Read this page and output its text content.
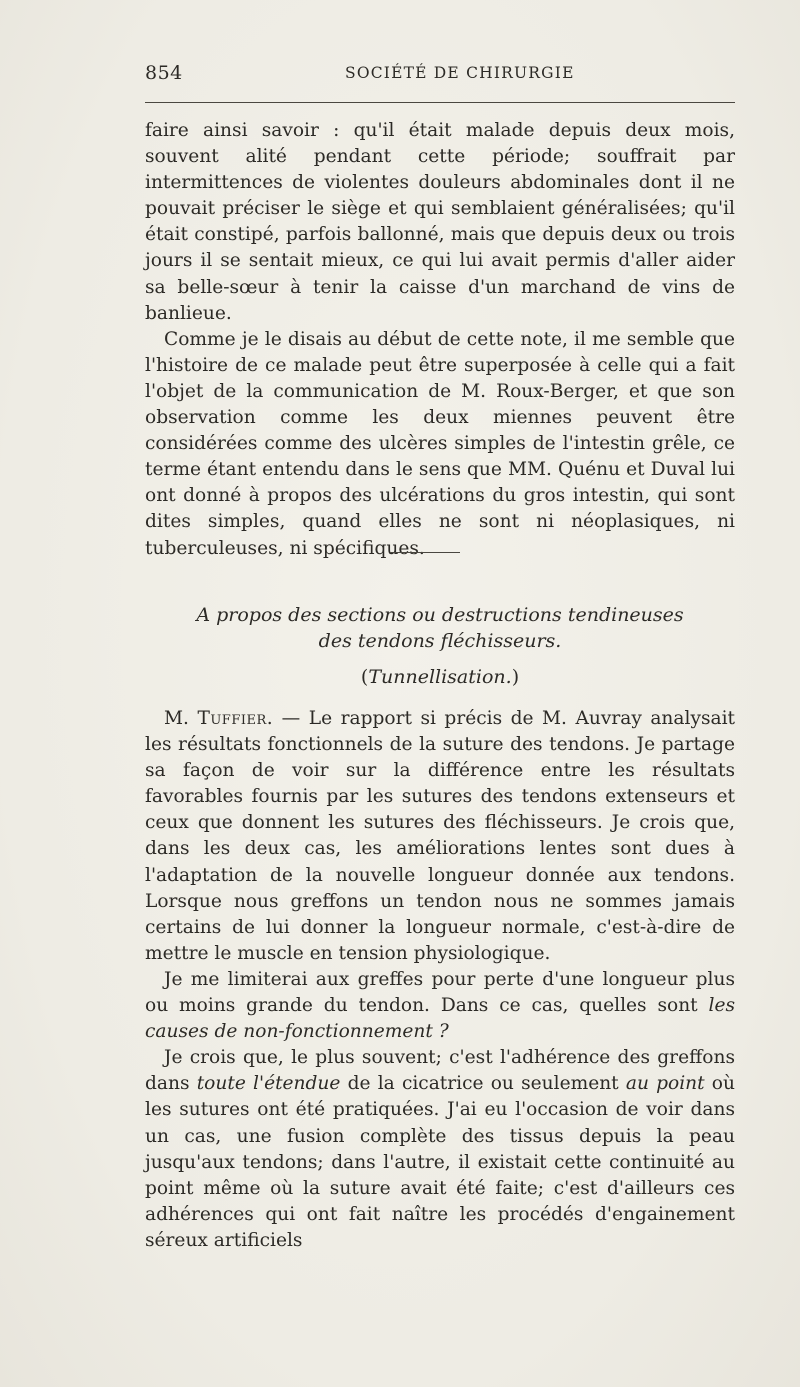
854	SOCIÉTÉ DE CHIRURGIE

faire ainsi savoir : qu'il était malade depuis deux mois, souvent alité pendant cette période; souffrait par intermittences de violentes douleurs abdominales dont il ne pouvait préciser le siège et qui semblaient généralisées; qu'il était constipé, parfois ballonné, mais que depuis deux ou trois jours il se sentait mieux, ce qui lui avait permis d'aller aider sa belle-sœur à tenir la caisse d'un marchand de vins de banlieue.

Comme je le disais au début de cette note, il me semble que l'histoire de ce malade peut être superposée à celle qui a fait l'objet de la communication de M. Roux-Berger, et que son observation comme les deux miennes peuvent être considérées comme des ulcères simples de l'intestin grêle, ce terme étant entendu dans le sens que MM. Quénu et Duval lui ont donné à propos des ulcérations du gros intestin, qui sont dites simples, quand elles ne sont ni néoplasiques, ni tuberculeuses, ni spécifiques.

A propos des sections ou destructions tendineuses
des tendons fléchisseurs.
(Tunnellisation.)

M. Tuffier. — Le rapport si précis de M. Auvray analysait les résultats fonctionnels de la suture des tendons. Je partage sa façon de voir sur la différence entre les résultats favorables fournis par les sutures des tendons extenseurs et ceux que donnent les sutures des fléchisseurs. Je crois que, dans les deux cas, les améliorations lentes sont dues à l'adaptation de la nouvelle longueur donnée aux tendons. Lorsque nous greffons un tendon nous ne sommes jamais certains de lui donner la longueur normale, c'est-à-dire de mettre le muscle en tension physiologique.

Je me limiterai aux greffes pour perte d'une longueur plus ou moins grande du tendon. Dans ce cas, quelles sont les causes de non-fonctionnement ?

Je crois que, le plus souvent; c'est l'adhérence des greffons dans toute l'étendue de la cicatrice ou seulement au point où les sutures ont été pratiquées. J'ai eu l'occasion de voir dans un cas, une fusion complète des tissus depuis la peau jusqu'aux tendons; dans l'autre, il existait cette continuité au point même où la suture avait été faite; c'est d'ailleurs ces adhérences qui ont fait naître les procédés d'engainement séreux artificiels
